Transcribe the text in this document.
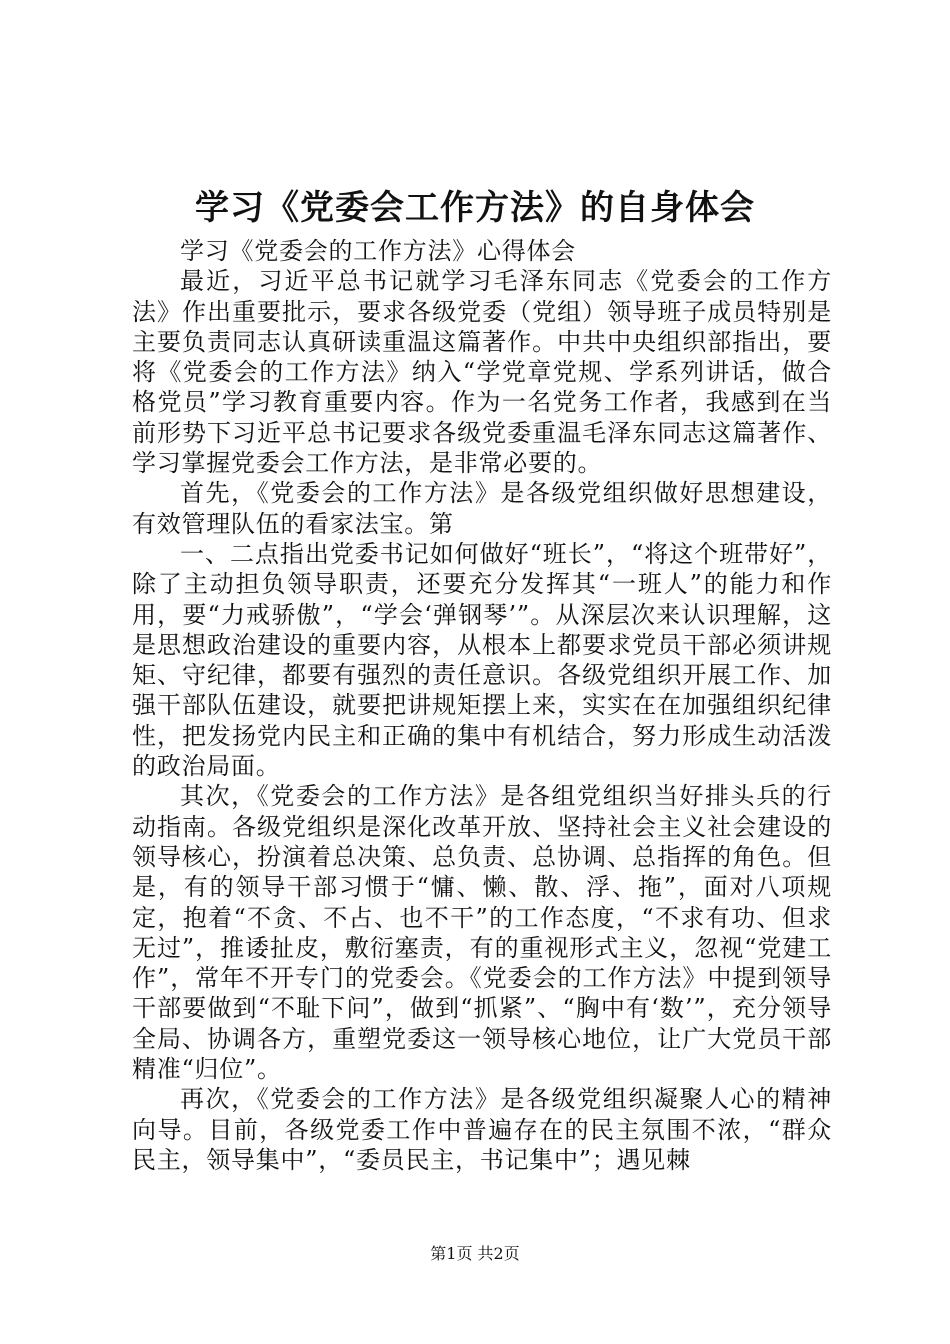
学习《党委会工作方法》的自身体会

学习《党委会的工作方法》心得体会

最近，习近平总书记就学习毛泽东同志《党委会的工作方法》作出重要批示，要求各级党委（党组）领导班子成员特别是主要负责同志认真研读重温这篇著作。中共中央组织部指出，要将《党委会的工作方法》纳入“学党章党规、学系列讲话，做合格党员”学习教育重要内容。作为一名党务工作者，我感到在当前形势下习近平总书记要求各级党委重温毛泽东同志这篇著作、学习掌握党委会工作方法，是非常必要的。

首先，《党委会的工作方法》是各级党组织做好思想建设，有效管理队伍的看家法宝。第

一、二点指出党委书记如何做好“班长”，“将这个班带好”，除了主动担负领导职责，还要充分发挥其“一班人”的能力和作用，要“力戒骄傲”，“学会‘弹钢琴’”。从深层次来认识理解，这是思想政治建设的重要内容，从根本上都要求党员干部必须讲规矩、守纪律，都要有强烈的责任意识。各级党组织开展工作、加强干部队伍建设，就要把讲规矩摆上来，实实在在加强组织纪律性，把发扬党内民主和正确的集中有机结合，努力形成生动活泼的政治局面。

其次，《党委会的工作方法》是各组党组织当好排头兵的行动指南。各级党组织是深化改革开放、坚持社会主义社会建设的领导核心，扮演着总决策、总负责、总协调、总指挥的角色。但是，有的领导干部习惯于“慵、懒、散、浮、拖”，面对八项规定，抱着“不贪、不占、也不干”的工作态度，“不求有功、但求无过”，推诿扯皮，敷衍塞责，有的重视形式主义，忽视“党建工作”，常年不开专门的党委会。《党委会的工作方法》中提到领导干部要做到“不耻下问”，做到“抓紧”、“胸中有‘数’”，充分领导全局、协调各方，重塑党委这一领导核心地位，让广大党员干部精准“归位”。

再次，《党委会的工作方法》是各级党组织凝聚人心的精神向导。目前，各级党委工作中普遍存在的民主氛围不浓，“群众民主，领导集中”，“委员民主，书记集中”；遇见棘

第1页 共2页
